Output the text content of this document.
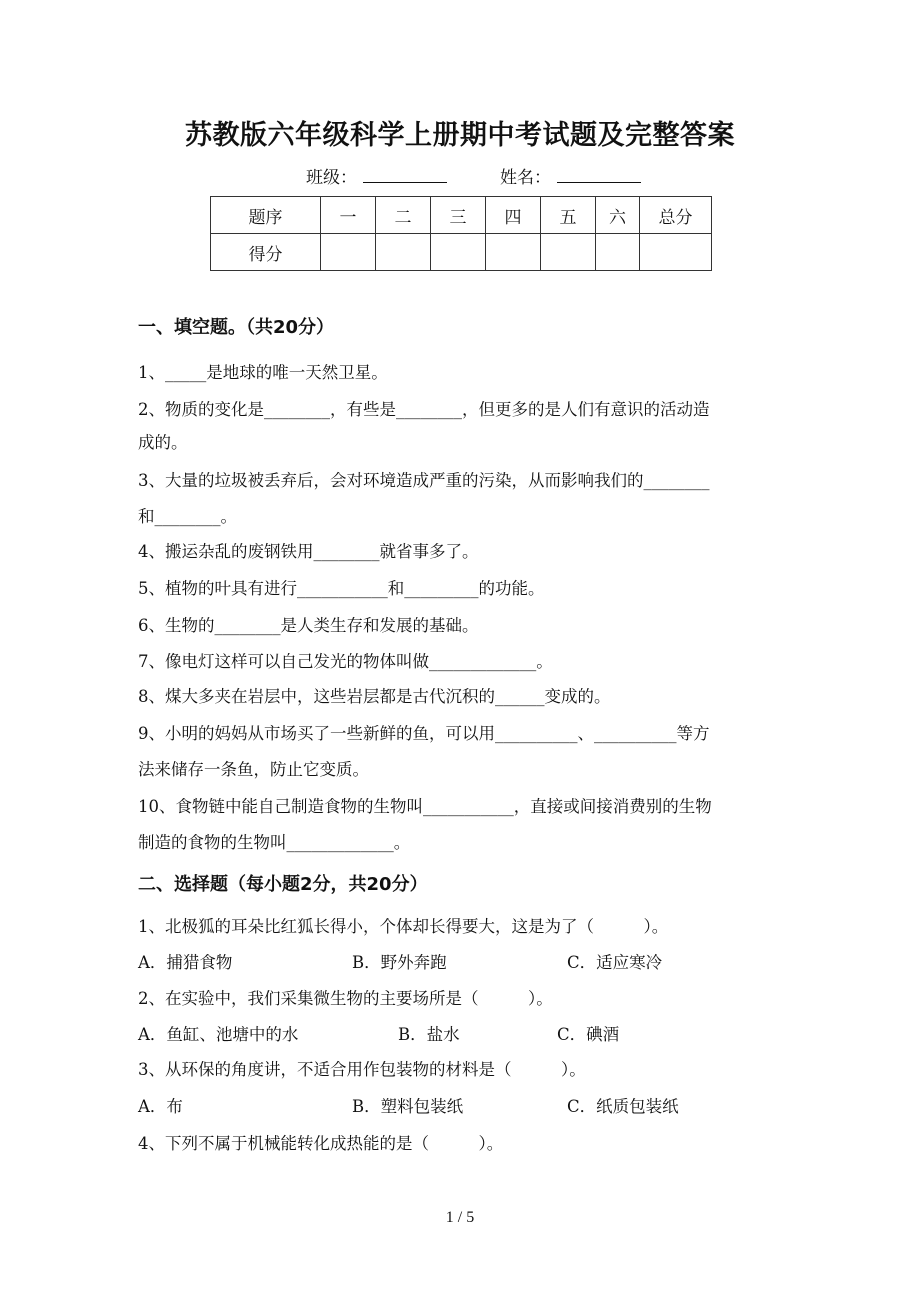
苏教版六年级科学上册期中考试题及完整答案
班级：	姓名：
题序	一	二	三	四	五	六	总分
得分							
一、填空题。（共20分）
1、_____是地球的唯一天然卫星。
2、物质的变化是________，有些是________，但更多的是人们有意识的活动造
成的。
3、大量的垃圾被丢弃后，会对环境造成严重的污染，从而影响我们的________
和________。
4、搬运杂乱的废钢铁用________就省事多了。
5、植物的叶具有进行___________和_________的功能。
6、生物的________是人类生存和发展的基础。
7、像电灯这样可以自己发光的物体叫做_____________。
8、煤大多夹在岩层中，这些岩层都是古代沉积的______变成的。
9、小明的妈妈从市场买了一些新鲜的鱼，可以用__________、__________等方
法来储存一条鱼，防止它变质。
10、食物链中能自己制造食物的生物叫___________，直接或间接消费别的生物
制造的食物的生物叫_____________。
二、选择题（每小题2分，共20分）
1、北极狐的耳朵比红狐长得小，个体却长得要大，这是为了（　　　）。
A．捕猎食物	B．野外奔跑	C．适应寒冷
2、在实验中，我们采集微生物的主要场所是（　　　）。
A．鱼缸、池塘中的水	B．盐水	C．碘酒
3、从环保的角度讲，不适合用作包装物的材料是（　　　）。
A．布	B．塑料包装纸	C．纸质包装纸
4、下列不属于机械能转化成热能的是（　　　）。
1 / 5
